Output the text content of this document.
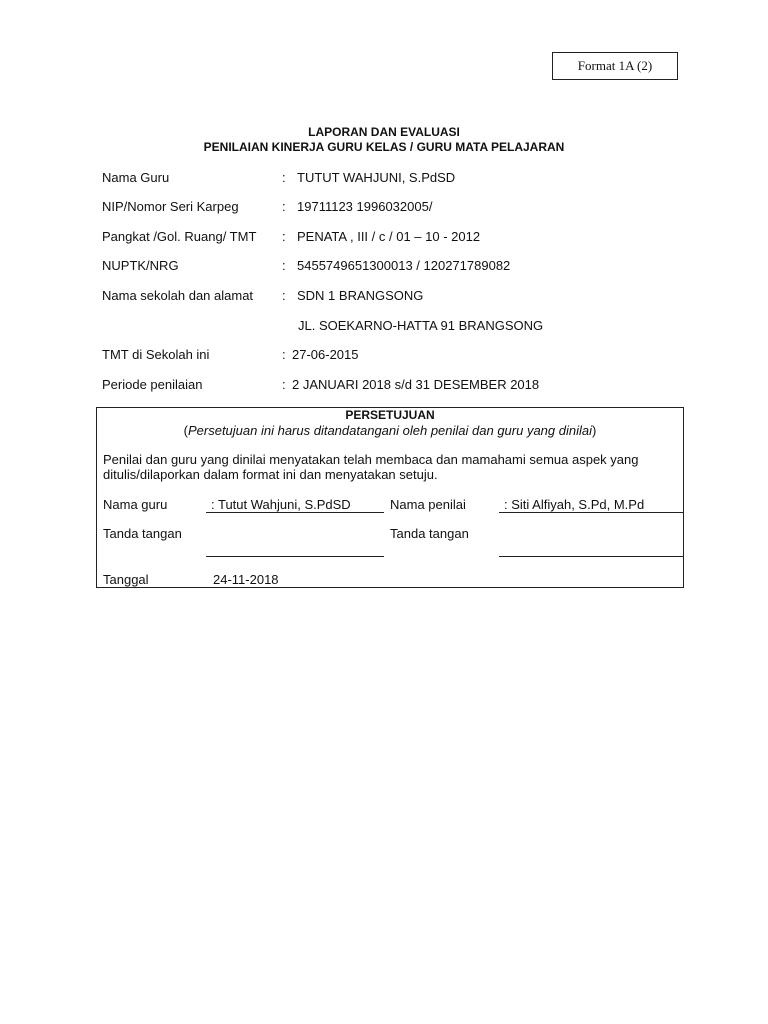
Format 1A (2)
LAPORAN DAN EVALUASI
PENILAIAN KINERJA GURU KELAS / GURU MATA PELAJARAN
Nama Guru	: TUTUT WAHJUNI, S.PdSD
NIP/Nomor Seri Karpeg	: 19711123 1996032005/
Pangkat /Gol. Ruang/ TMT : PENATA , III / c / 01 – 10 - 2012
NUPTK/NRG	: 5455749651300013 / 120271789082
Nama sekolah dan alamat : SDN 1 BRANGSONG
JL. SOEKARNO-HATTA 91 BRANGSONG
TMT di Sekolah ini	: 27-06-2015
Periode penilaian	: 2 JANUARI 2018 s/d 31 DESEMBER 2018
PERSETUJUAN
(Persetujuan ini harus ditandatangani oleh penilai dan guru yang dinilai)
Penilai dan guru yang dinilai menyatakan telah membaca dan mamahami semua aspek yang ditulis/dilaporkan dalam format ini dan menyatakan setuju.
Nama guru	: Tutut Wahjuni, S.PdSD	Nama penilai	: Siti Alfiyah, S.Pd, M.Pd
Tanda tangan	Tanda tangan
Tanggal	24-11-2018
